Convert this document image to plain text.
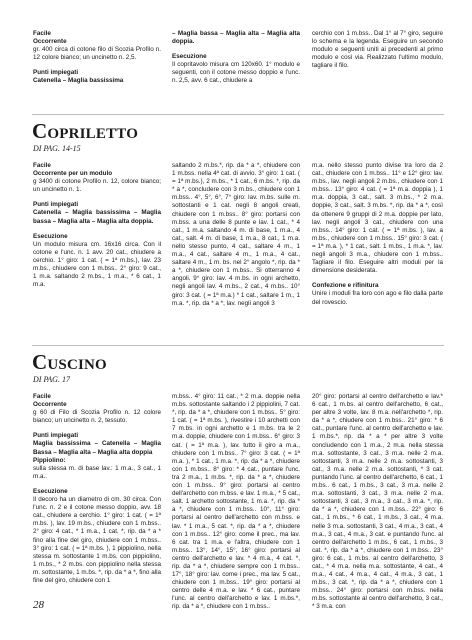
Facile

Occorrente

gr. 400 circa di cotone filo di Scozia Profilo n. 12 colore bianco; un uncinetto n. 2,5.

Punti impiegati

Catenella – Maglia bassissima

– Maglia bassa – Maglia alta – Maglia alta doppia.

Esecuzione

Il copritavolo misura cm 120x60. 1° modulo e seguenti, con il cotone messo doppio e l'unc. n. 2,5, avv. 6 cat., chiudere a

cerchio con 1 m.bss.. Dal 1° al 7° giro, seguire lo schema e la legenda. Eseguire un secondo modulo e seguenti uniti ai precedenti al primo modulo e così via. Realizzato l'ultimo modulo, tagliare il filo.

Copriletto

DI PAG. 14-15

Facile

Occorrente per un modulo

g 3400 di cotone Profilo n. 12, colore bianco; un uncinetto n. 1.

Punti impiegati

Catenella – Maglia bassissima – Maglia bassa – Maglia alta – Maglia alta doppia.

Esecuzione

Un modulo misura cm. 16x16 circa. Con il cotone e l'unc. n. 1 avv. 20 cat., chiudere a cerchio. 1° giro: 1 cat. ( = 1ª m.bs.), lav. 23 m.bs., chiudere con 1 m.bss.. 2° giro: 9 cat., 1 m.a. saltando 2 m.bs., 1 m.a., * 6 cat., 1 m.a.

saltando 2 m.bs.*, rip. da * a *, chiudere con 1 m.bss. nella 4ª cat. di avvio. 3° giro: 1 cat. ( = 1ª m.bs.), 2 m.bs., * 1 cat., 6 m.bs. *, rip. da * a *, concludere con 3 m.bs., chiudere con 1 m.bss.. 4°, 5°, 6°, 7° giro: lav. m.bs. sulle m. sottostanti e 1 cat. negli 8 angoli creati, chiudere con 1 m.bss.. 8° giro: portarsi con m.bss. a una delle 8 punte e lav. 1 cat., * 4 cat., 1 m.a. saltando 4 m. di base, 1 m.a., 4 cat., salt. 4 m. di base, 1 m.a., 8 cat., 1 m.a. nello stesso punto, 4 cat., saltare 4 m., 1 m.a., 4 cat., saltare 4 m., 1 m.a., 4 cat., saltare 4 m., 1 m. bs. nel 2° angolo *, rip. da * a *, chiudere con 1 m.bss.. Si otterranno 4 angoli. 9° giro: lav. 4 m.bs. in ogni archetto, negli angoli lav. 4 m.bs., 2 cat., 4 m.bs.. 10° giro: 3 cat. ( = 1ª m.a.) * 1 cat., saltare 1 m., 1 m.a. *, rip. da * a *, lav. negli angoli 3

m.a. nello stesso punto divise tra loro da 2 cat., chiudere con 1 m.bss.. 11° e 12° giro: lav. m.bs., lav. negli angoli 2 m.bs., chiudere con 1 m.bss.. 13° giro: 4 cat. ( = 1ª m.a. doppia ), 1 m.a. doppia, 3 cat., salt. 3 m.bs., * 2 m.a. doppie, 3 cat., salt. 3 m.bs. *, rip. da * a *, così da ottenere 9 gruppi di 2 m.a. doppie per lato, lav. negli angoli 3 cat., chiudere con una m.bss.. 14° giro: 1 cat. ( = 1ª m.bs. ), lav. a m.bs., chiudere con 1 m.bss.. 15° giro: 3 cat. ( = 1ª m.a. ), * 1 cat., salt. 1 m.bs., 1 m.a. *, lav. negli angoli 3 m.a., chiudere con 1 m.bss.. Tagliare il filo. Eseguire altri moduli per la dimensione desiderata.

Confezione e rifinitura

Unire i moduli fra loro con ago e filo dalla parte del rovescio.

Cuscino

DI PAG. 17

Facile

Occorrente

g 60 di Filo di Scozia Profilo n. 12 colore bianco; un uncinetto n. 2, tessuto.

Punti impiegati

Maglia bassissima – Catenella – Maglia Bassa – Maglia alta – Maglia alta doppia

Pippiolino:

sulla stessa m. di base lav.: 1 m.a., 3 cat., 1 m.a..

Esecuzione

Il decoro ha un diametro di cm. 30 circa. Con l'unc. n. 2 e il cotone messo doppio, avv. 18 cat., chiudere a cerchio. 1° giro: 1 cat. ( = 1ª m.bs. ), lav. 19 m.bs., chiudere con 1 m.bss.. 2° giro: 4 cat., * 1 m.a., 1 cat. *, rip. da * a * fino alla fine del giro, chiudere con 1 m.bss.. 3° giro: 1 cat. ( = 1ª m.bs. ), 1 pippiolino, nella stessa m. sottostante 1 m.bs. con pippiolino, 1 m.bs., * 2 m.bs. con pippiolino nella stessa m. sottostante, 1 m.bs. *, rip. da * a *, fino alla fine del giro, chiudere con 1

m.bss.. 4° giro: 11 cat., * 2 m.a. doppie nella m.bs. sottostante saltando i 2 pippiolini, 7 cat. *, rip. da * a *, chiudere con 1 m.bss.. 5° giro: 1 cat. ( = 1ª m.bs. ), rivestire i 10 archetti con 7 m.bs. in ogni archetto e 1 m.bs. tra le 2 m.a. doppie, chiudere con 1 m.bss.. 6° giro: 3 cat. ( = 1ª m.a. ), lav. tutto il giro a m.a., chiudere con 1 m.bss.. 7° giro: 3 cat. ( = 1ª m.a. ), * 1 cat., 1 m.a. *, rip. da * a *, chiudere con 1 m.bss.. 8° giro: * 4 cat., puntare l'unc. tra 2 m.a., 1 m.bs. *, rip. da * a *, chiudere con 1 m.bss.. 9° giro: portarsi al centro dell'archetto con m.bss. e lav. 1 m.a., * 5 cat., salt. 1 archetto sottostante, 1 m.a. *, rip. da * a *, chiudere con 1 m.bss.. 10°, 11° giro: portarsi al centro dell'archetto con m.bss. e lav. * 1 m.a., 5 cat. *, rip. da * a *, chiudere con 1 m.bss.. 12° giro: come il prec., ma lav. 6 cat. tra 1 m.a. e l'altra, chiudere con 1 m.bss.. 13°, 14°, 15°, 16° giro: portarsi al centro dell'archetto e lav. * 4 m.a., 4 cat. *, rip. da * a *, chiudere sempre con 1 m.bss.. 17°, 18° giro: lav. come i prec., ma lav. 5 cat., chiudere con 1 m.bss.. 19° giro: portarsi al centro delle 4 m.a. e lav. * 6 cat., puntare l'unc. al centro dell'archetto e lav. 1 m.bs.*, rip. da * a *, chiudere con 1 m.bss..

20° giro: portarsi al centro dell'archetto e lav.* 6 cat., 1 m.bs. al centro dell'archetto, 6 cat., per altre 3 volte, lav. 8 m.a. nell'archetto *, rip. da * a *, chiudere con 1 m.bss.. 21° giro: * 6 cat., puntare l'unc. al centro dell'archetto e lav. 1 m.bs.*, rip. da * a * per altre 3 volte concludendo con 1 m.a., 2 m.a. nella stessa m.a. sottostante, 3 cat., 3 m.a. nelle 2 m.a. sottostanti, 3 m.a. nelle 2 m.a. sottostanti, 3 cat., 3 m.a. nelle 2 m.a. sottostanti, * 3 cat. puntando l'unc. al centro dell'archetto, 6 cat., 1 m.bs.. 6 cat., 1 m.bs., 3 cat., 3 m.a. nelle 2 m.a. sottostanti, 3 cat., 3 m.a. nelle 2 m.a. sottostanti, 3 cat., 3 m.a., 3 cat., 3 m.a. *, rip. da * a *, chiudere con 1 m.bss.. 22° giro: 6 cat., 1 m.bs., * 6 cat., 1 m.bs., 3 cat., 4 m.a. nelle 3 m.a. sottostanti, 3 cat., 4 m.a., 3 cat., 4 m.a., 3 cat., 4 m.a., 3 cat. e puntando l'unc. al centro dell'archetto 1 m.bs., 6 cat., 1 m.bs., 3 cat. *, rip. da * a *, chiudere con 1 m.bss.. 23° giro: 6 cat., 1 m.bs. al centro dell'archetto, 3 cat., * 4 m.a. nella m.a. sottostante, 4 cat., 4 m.a., 4 cat., 4 m.a., 4 cat., 4 m.a., 3 cat., 1 m.bs., 3 cat. *, rip. da * a *, chiudere con 1 m.bss.. 24° giro: portarsi con m.bss. nella m.bs. sottostante al centro dell'archetto, 3 cat., * 3 m.a. con

28
